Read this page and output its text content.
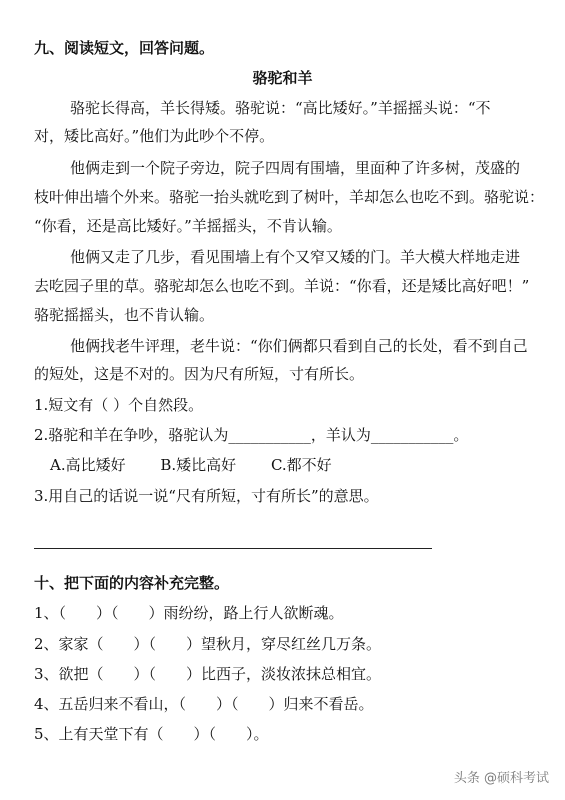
九、阅读短文，回答问题。
骆驼和羊
骆驼长得高，羊长得矮。骆驼说：“高比矮好。”羊摇摇头说：“不
对，矮比高好。”他们为此吵个不停。
他俩走到一个院子旁边，院子四周有围墙，里面种了许多树，茂盛的
枝叶伸出墙个外来。骆驼一抬头就吃到了树叶，羊却怎么也吃不到。骆驼说：
“你看，还是高比矮好。”羊摇摇头，不肯认输。
他俩又走了几步，看见围墙上有个又窄又矮的门。羊大模大样地走进
去吃园子里的草。骆驼却怎么也吃不到。羊说：“你看，还是矮比高好吧！”
骆驼摇摇头，也不肯认输。
他俩找老牛评理，老牛说：“你们俩都只看到自己的长处，看不到自己
的短处，这是不对的。因为尺有所短，寸有所长。
1.短文有（ ）个自然段。
2.骆驼和羊在争吵，骆驼认为___________，羊认为___________。
A.高比矮好 B.矮比高好 C.都不好
3.用自己的话说一说“尺有所短，寸有所长”的意思。
十、把下面的内容补充完整。
1、（　　）（　　）雨纷纷，路上行人欲断魂。
2、家家（　　）（　　）望秋月，穿尽红丝几万条。
3、欲把（　　）（　　）比西子，淡妆浓抹总相宜。
4、五岳归来不看山，（　　）（　　）归来不看岳。
5、上有天堂下有（　　）（　　）。
头条 @硕科考试
